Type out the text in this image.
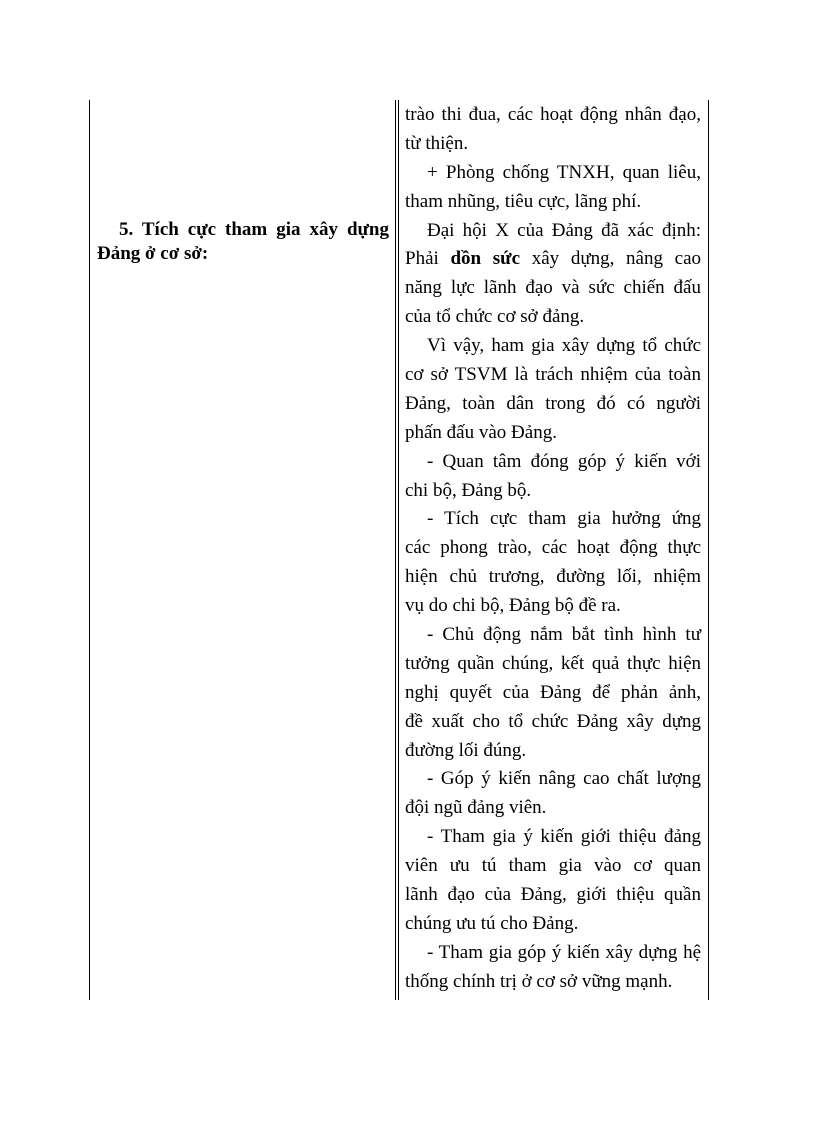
5. Tích cực tham gia xây dựng
Đảng ở cơ sở:
trào thi đua, các hoạt động nhân đạo,
từ thiện.
+ Phòng chống TNXH, quan liêu,
tham nhũng, tiêu cực, lãng phí.
Đại hội X của Đảng đã xác định:
Phải dồn sức xây dựng, nâng cao
năng lực lãnh đạo và sức chiến đấu
của tổ chức cơ sở đảng.
Vì vậy, ham gia xây dựng tổ chức
cơ sở TSVM là trách nhiệm của toàn
Đảng, toàn dân trong đó có người
phấn đấu vào Đảng.
- Quan tâm đóng góp ý kiến với
chi bộ, Đảng bộ.
- Tích cực tham gia hưởng ứng
các phong trào, các hoạt động thực
hiện chủ trương, đường lối, nhiệm
vụ do chi bộ, Đảng bộ đề ra.
- Chủ động nắm bắt tình hình tư
tưởng quần chúng, kết quả thực hiện
nghị quyết của Đảng để phản ảnh,
đề xuất cho tổ chức Đảng xây dựng
đường lối đúng.
- Góp ý kiến nâng cao chất lượng
đội ngũ đảng viên.
- Tham gia ý kiến giới thiệu đảng
viên ưu tú tham gia vào cơ quan
lãnh đạo của Đảng, giới thiệu quần
chúng ưu tú cho Đảng.
- Tham gia góp ý kiến xây dựng hệ
thống chính trị ở cơ sở vững mạnh.
